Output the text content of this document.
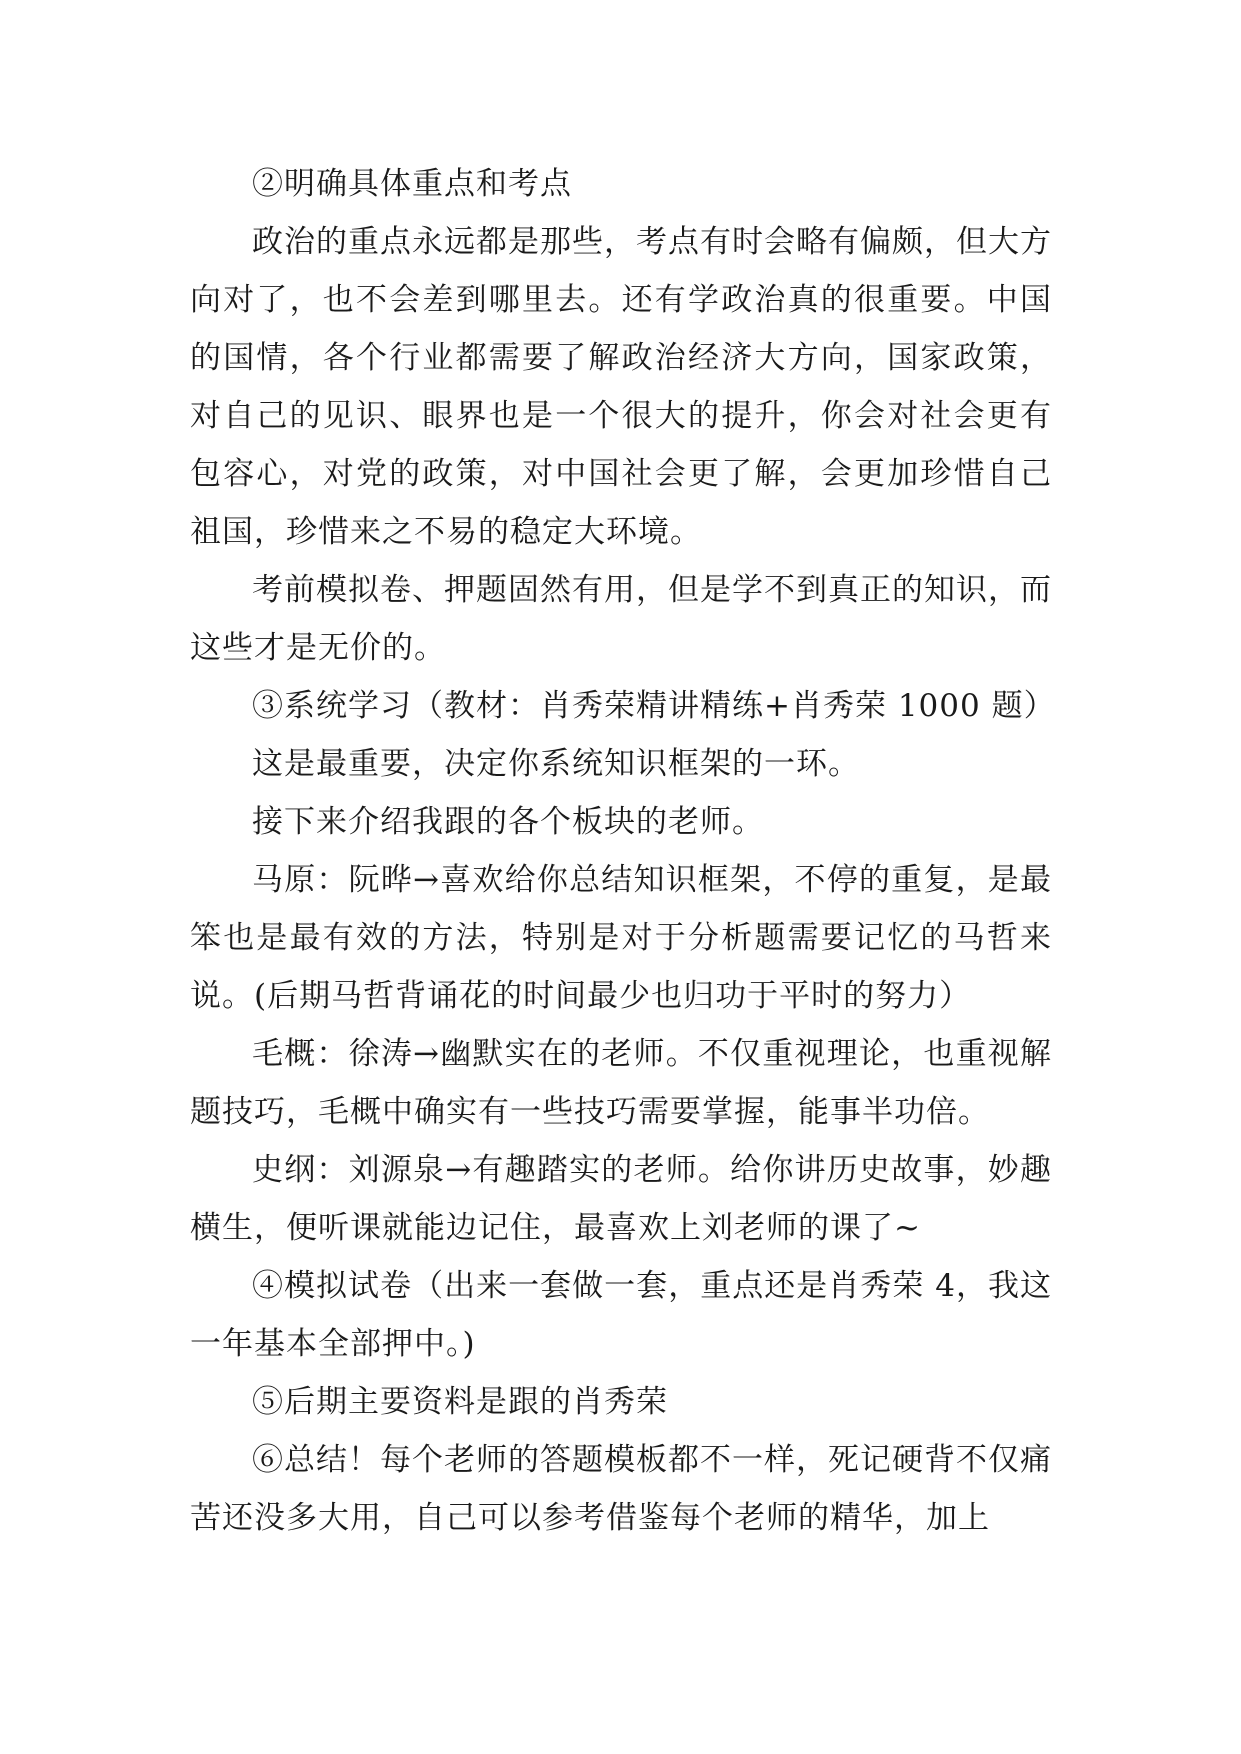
②明确具体重点和考点

政治的重点永远都是那些，考点有时会略有偏颇，但大方向对了，也不会差到哪里去。还有学政治真的很重要。中国的国情，各个行业都需要了解政治经济大方向，国家政策，对自己的见识、眼界也是一个很大的提升，你会对社会更有包容心，对党的政策，对中国社会更了解，会更加珍惜自己祖国，珍惜来之不易的稳定大环境。

考前模拟卷、押题固然有用，但是学不到真正的知识，而这些才是无价的。

③系统学习（教材：肖秀荣精讲精练+肖秀荣 1000 题）

这是最重要，决定你系统知识框架的一环。

接下来介绍我跟的各个板块的老师。

马原：阮晔→喜欢给你总结知识框架，不停的重复，是最笨也是最有效的方法，特别是对于分析题需要记忆的马哲来说。(后期马哲背诵花的时间最少也归功于平时的努力）

毛概：徐涛→幽默实在的老师。不仅重视理论，也重视解题技巧，毛概中确实有一些技巧需要掌握，能事半功倍。

史纲：刘源泉→有趣踏实的老师。给你讲历史故事，妙趣横生，便听课就能边记住，最喜欢上刘老师的课了~

④模拟试卷（出来一套做一套，重点还是肖秀荣 4，我这一年基本全部押中。)

⑤后期主要资料是跟的肖秀荣

⑥总结！每个老师的答题模板都不一样，死记硬背不仅痛苦还没多大用，自己可以参考借鉴每个老师的精华，加上
